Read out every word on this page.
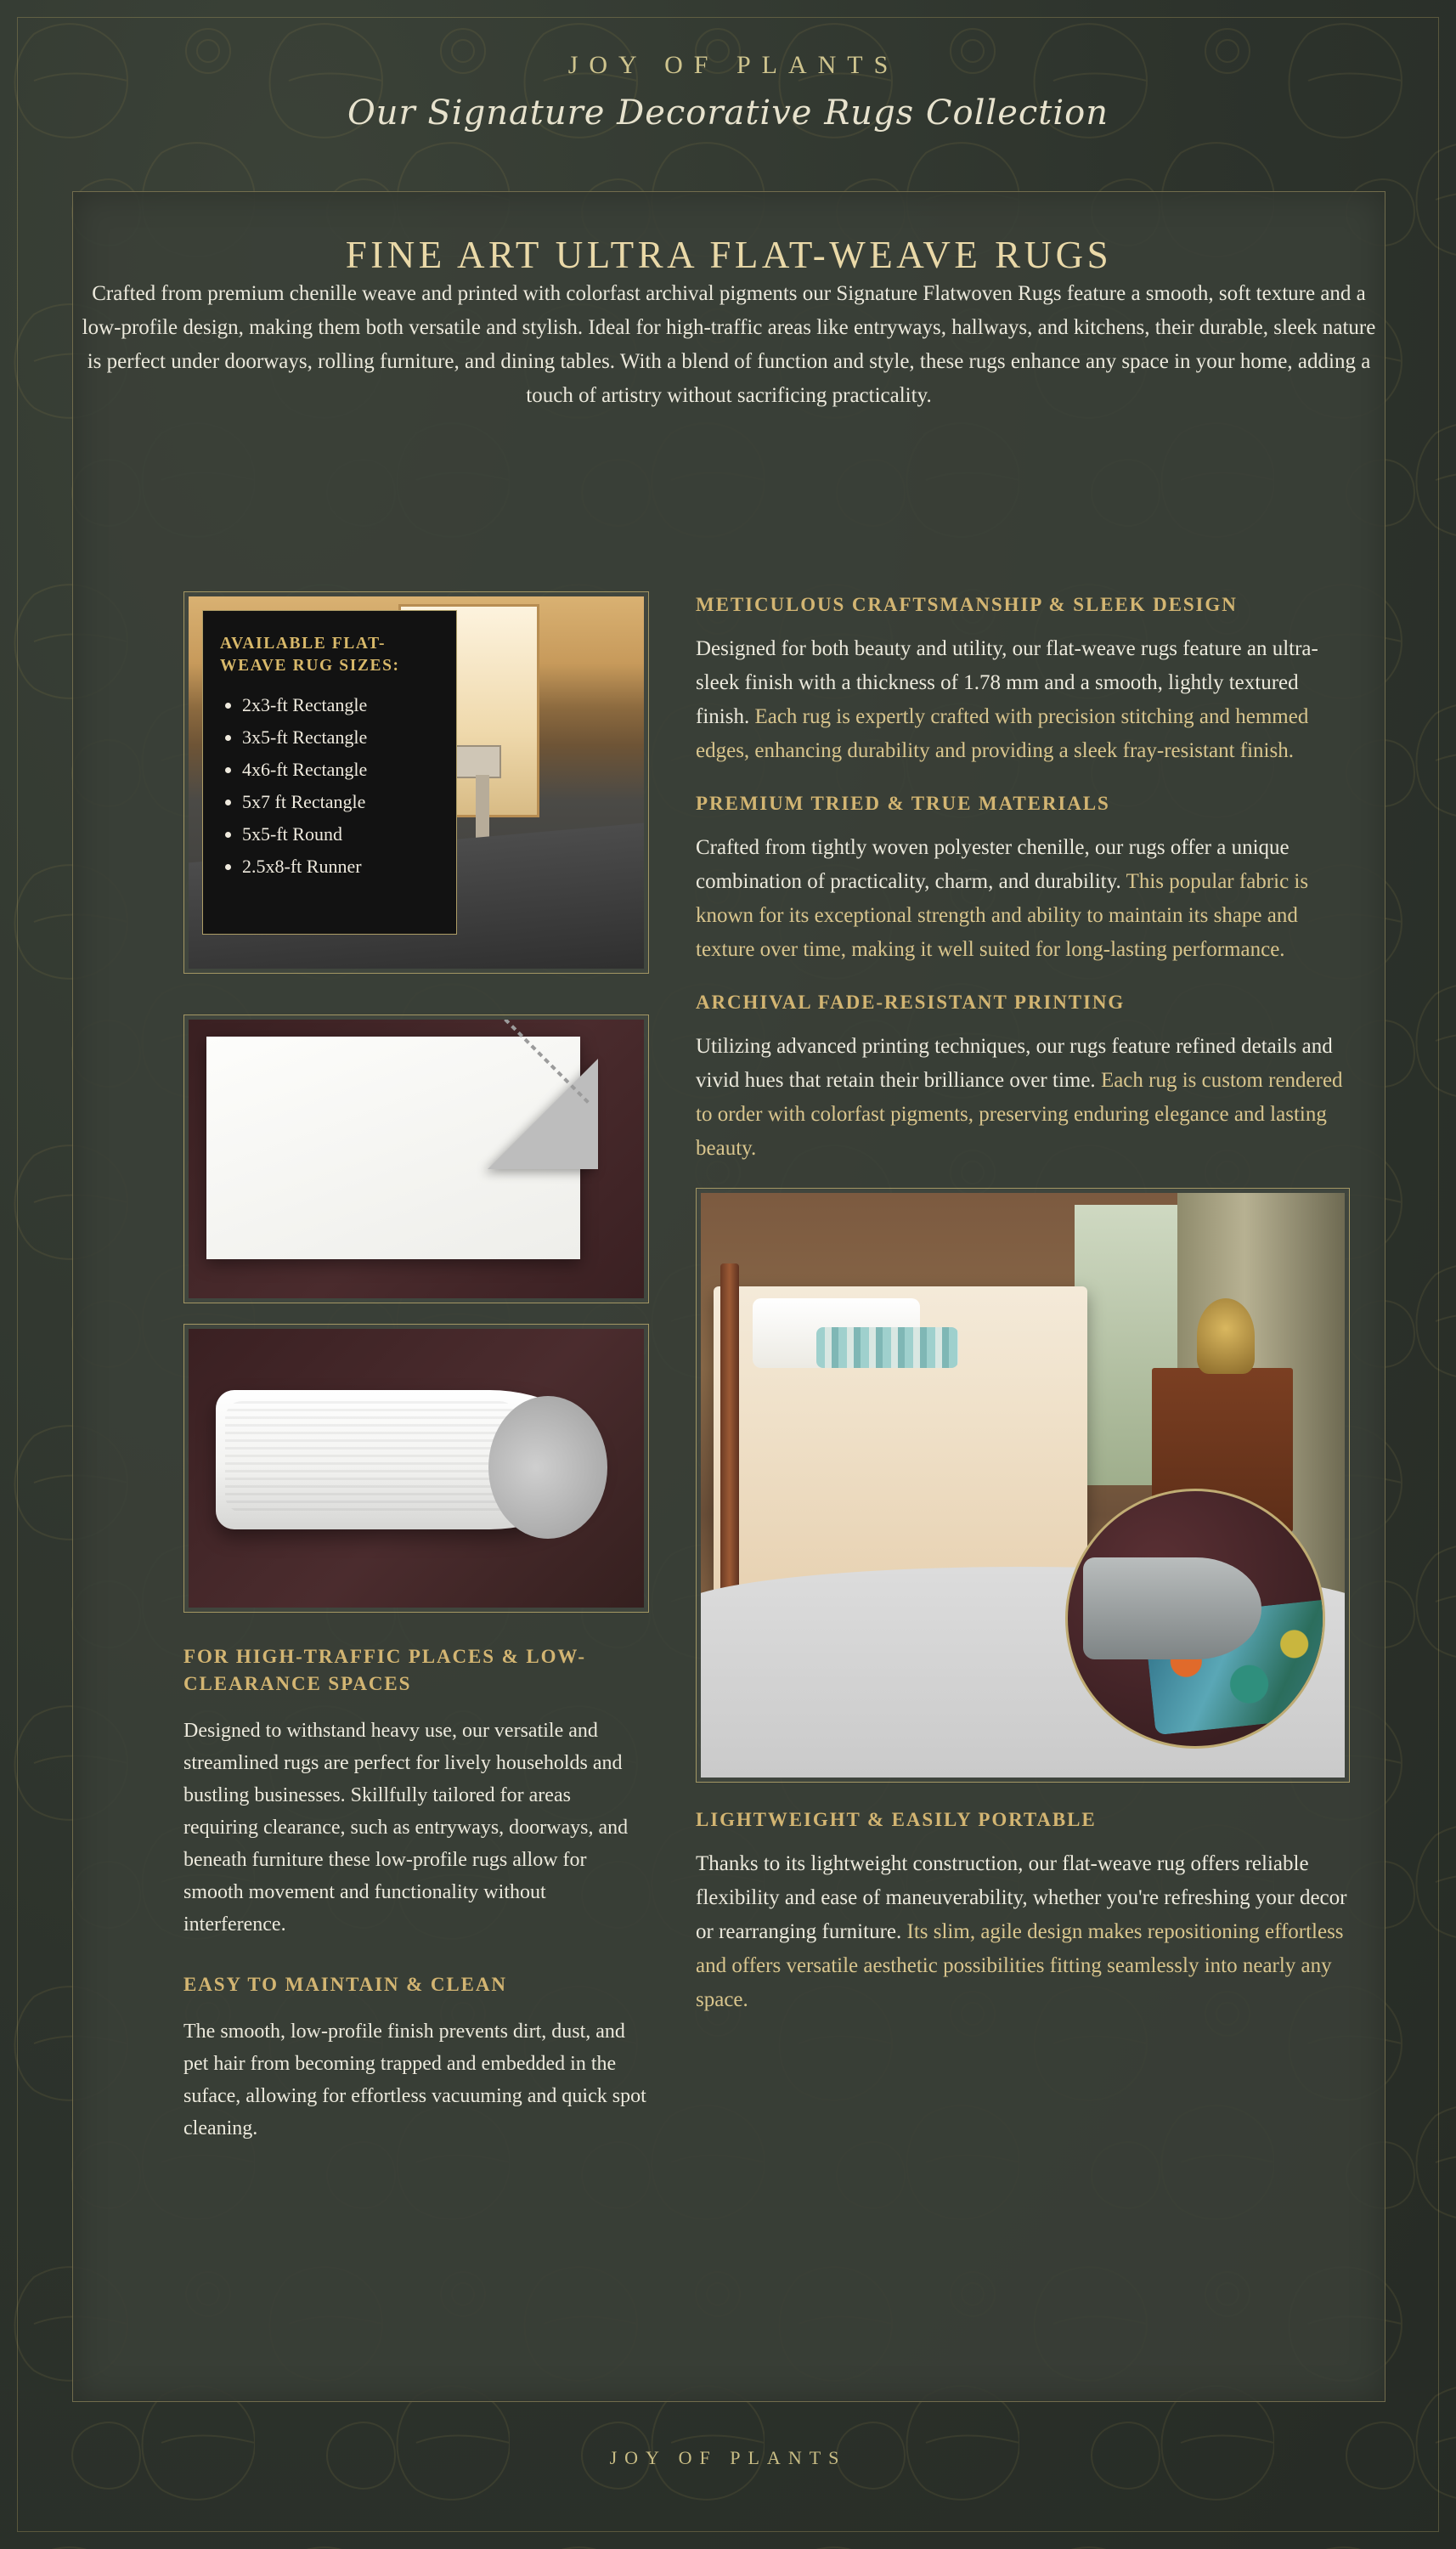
JOY OF PLANTS
Our Signature Decorative Rugs Collection
FINE ART ULTRA FLAT-WEAVE RUGS
Crafted from premium chenille weave and printed with colorfast archival pigments our Signature Flatwoven Rugs feature a smooth, soft texture and a low-profile design, making them both versatile and stylish. Ideal for high-traffic areas like entryways, hallways, and kitchens, their durable, sleek nature is perfect under doorways, rolling furniture, and dining tables. With a blend of function and style, these rugs enhance any space in your home, adding a touch of artistry without sacrificing practicality.
AVAILABLE FLAT-WEAVE RUG SIZES:
• 2x3-ft Rectangle
• 3x5-ft Rectangle
• 4x6-ft Rectangle
• 5x7 ft Rectangle
• 5x5-ft Round
• 2.5x8-ft Runner
FOR HIGH-TRAFFIC PLACES & LOW-CLEARANCE SPACES

Designed to withstand heavy use, our versatile and streamlined rugs are perfect for lively households and bustling businesses. Skillfully tailored for areas requiring clearance, such as entryways, doorways, and beneath furniture these low-profile rugs allow for smooth movement and functionality without interference.

EASY TO MAINTAIN & CLEAN

The smooth, low-profile finish prevents dirt, dust, and pet hair from becoming trapped and embedded in the suface, allowing for effortless vacuuming and quick spot cleaning.

METICULOUS CRAFTSMANSHIP & SLEEK DESIGN

Designed for both beauty and utility, our flat-weave rugs feature an ultra-sleek finish with a thickness of 1.78 mm and a smooth, lightly textured finish. Each rug is expertly crafted with precision stitching and hemmed edges, enhancing durability and providing a sleek fray-resistant finish.

PREMIUM TRIED & TRUE MATERIALS

Crafted from tightly woven polyester chenille, our rugs offer a unique combination of practicality, charm, and durability. This popular fabric is known for its exceptional strength and ability to maintain its shape and texture over time, making it well suited for long-lasting performance.

ARCHIVAL FADE-RESISTANT PRINTING

Utilizing advanced printing techniques, our rugs feature refined details and vivid hues that retain their brilliance over time. Each rug is custom rendered to order with colorfast pigments, preserving enduring elegance and lasting beauty.

LIGHTWEIGHT & EASILY PORTABLE

Thanks to its lightweight construction, our flat-weave rug offers reliable flexibility and ease of maneuverability, whether you're refreshing your decor or rearranging furniture. Its slim, agile design makes repositioning effortless and offers versatile aesthetic possibilities fitting seamlessly into nearly any space.

JOY OF PLANTS
